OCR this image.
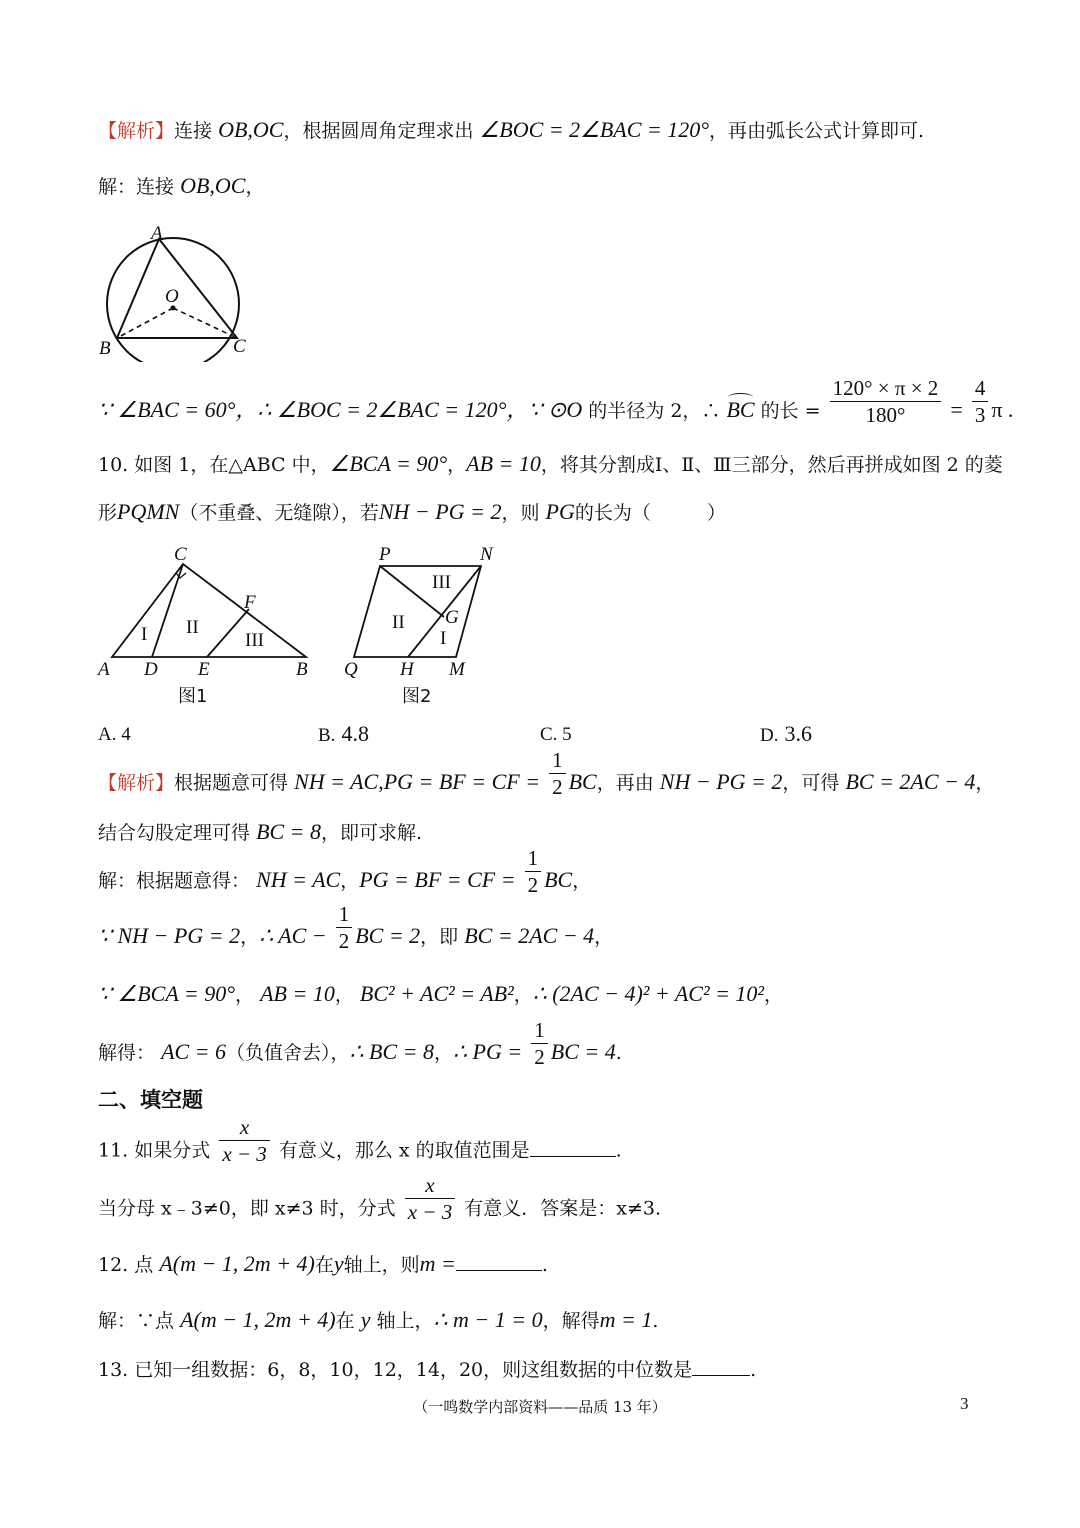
【解析】连接 OB,OC，根据圆周角定理求出 ∠BOC = 2∠BAC = 120°，再由弧长公式计算即可.
解：连接 OB,OC，
A
O
B	C
∵ ∠BAC = 60°，∴ ∠BOC = 2∠BAC = 120°，∵ ⊙O 的半径为 2，∴ BC 的长 = $\frac{120^\circ \times \pi \times 2}{180^\circ} = \frac{4}{3}$ π .
10. 如图 1，在△ABC 中，∠BCA = 90°，AB = 10，将其分割成Ⅰ、Ⅱ、Ⅲ三部分，然后再拼成如图 2 的菱
形PQMN（不重叠、无缝隙），若NH − PG = 2，则 PG的长为（	）
C
F
A D E	B
I II
III
图1
P	N
G
Q H M
I
II
III
图2
A. 4	B. 4.8	C. 5	D. 3.6
【解析】根据题意可得 NH = AC,PG = BF = CF = $\frac{1}{2}$ BC，再由 NH − PG = 2，可得 BC = 2AC − 4，
结合勾股定理可得 BC = 8，即可求解.
解：根据题意得： NH = AC，PG = BF = CF = $\frac{1}{2}$ BC，
∵ NH − PG = 2，∴ AC − $\frac{1}{2}$ BC = 2，即 BC = 2AC − 4，
∵ ∠BCA = 90°， AB = 10， BC² + AC² = AB²，∴ (2AC − 4)² + AC² = 10²，
解得： AC = 6（负值舍去），∴ BC = 8，∴ PG = $\frac{1}{2}$ BC = 4.
二、填空题
11. 如果分式 $\frac{x}{x - 3}$ 有意义，那么 x 的取值范围是	.
当分母 x﹣3≠0，即 x≠3 时，分式 $\frac{x}{x - 3}$ 有意义．答案是：x≠3.
12. 点 A(m − 1, 2m + 4)在y轴上，则m =	.
解：∵点 A(m − 1, 2m + 4)在 y 轴上，∴ m − 1 = 0，解得m = 1.
13. 已知一组数据：6，8，10，12，14，20，则这组数据的中位数是	.
（一鸣数学内部资料——品质 13 年）	3
